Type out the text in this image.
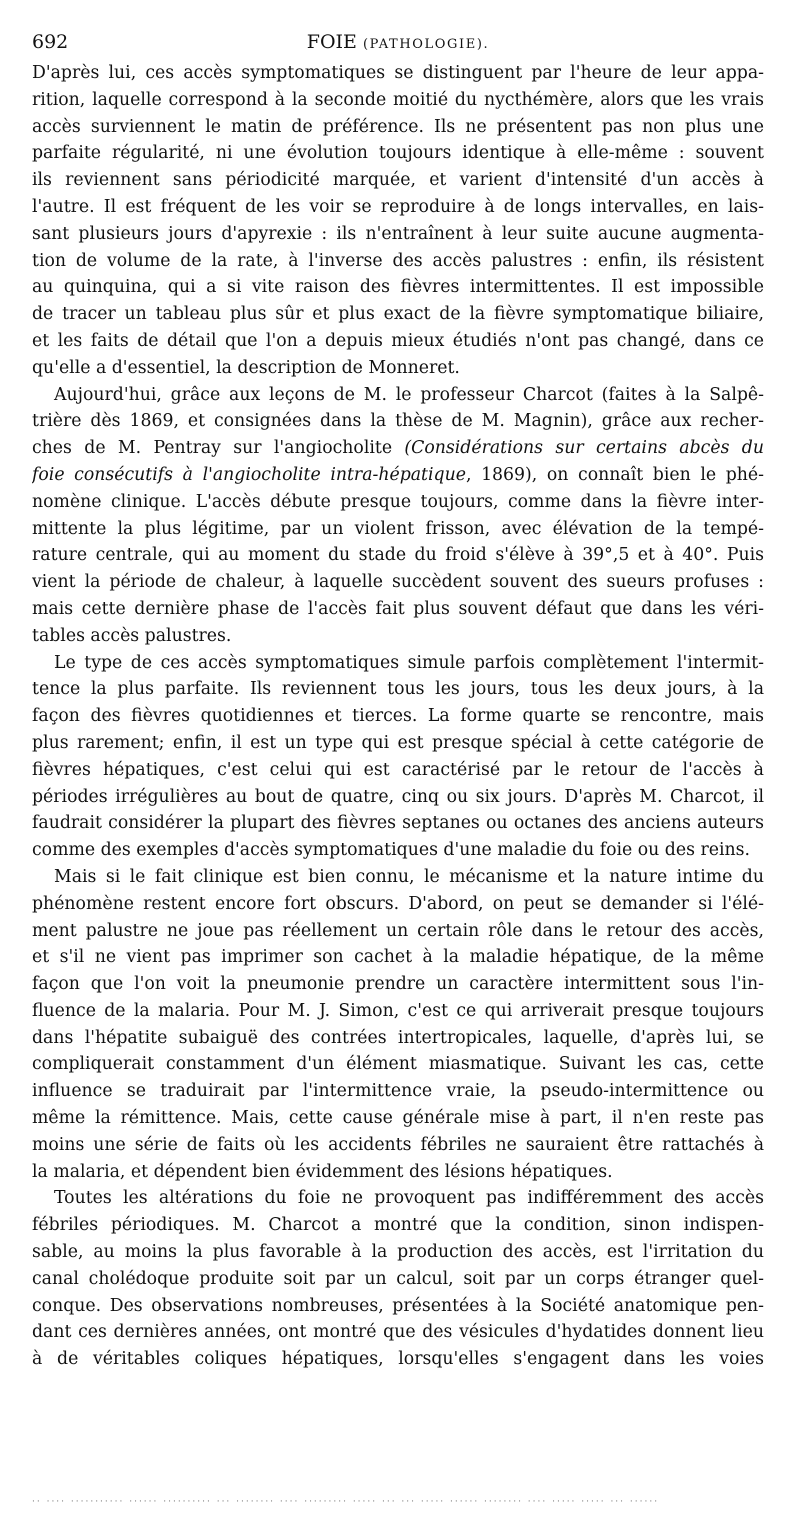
692	FOIE (PATHOLOGIE).
D'après lui, ces accès symptomatiques se distinguent par l'heure de leur appa-
rition, laquelle correspond à la seconde moitié du nycthémère, alors que les vrais
accès surviennent le matin de préférence. Ils ne présentent pas non plus une
parfaite régularité, ni une évolution toujours identique à elle-même : souvent
ils reviennent sans périodicité marquée, et varient d'intensité d'un accès à
l'autre. Il est fréquent de les voir se reproduire à de longs intervalles, en lais-
sant plusieurs jours d'apyrexie : ils n'entraînent à leur suite aucune augmenta-
tion de volume de la rate, à l'inverse des accès palustres : enfin, ils résistent
au quinquina, qui a si vite raison des fièvres intermittentes. Il est impossible
de tracer un tableau plus sûr et plus exact de la fièvre symptomatique biliaire,
et les faits de détail que l'on a depuis mieux étudiés n'ont pas changé, dans ce
qu'elle a d'essentiel, la description de Monneret.
Aujourd'hui, grâce aux leçons de M. le professeur Charcot (faites à la Salpê-
trière dès 1869, et consignées dans la thèse de M. Magnin), grâce aux recher-
ches de M. Pentray sur l'angiocholite (Considérations sur certains abcès du
foie consécutifs à l'angiocholite intra-hépatique, 1869), on connaît bien le phé-
nomène clinique. L'accès débute presque toujours, comme dans la fièvre inter-
mittente la plus légitime, par un violent frisson, avec élévation de la tempé-
rature centrale, qui au moment du stade du froid s'élève à 39°,5 et à 40°. Puis
vient la période de chaleur, à laquelle succèdent souvent des sueurs profuses :
mais cette dernière phase de l'accès fait plus souvent défaut que dans les véri-
tables accès palustres.
Le type de ces accès symptomatiques simule parfois complètement l'intermit-
tence la plus parfaite. Ils reviennent tous les jours, tous les deux jours, à la
façon des fièvres quotidiennes et tierces. La forme quarte se rencontre, mais
plus rarement; enfin, il est un type qui est presque spécial à cette catégorie de
fièvres hépatiques, c'est celui qui est caractérisé par le retour de l'accès à
périodes irrégulières au bout de quatre, cinq ou six jours. D'après M. Charcot, il
faudrait considérer la plupart des fièvres septanes ou octanes des anciens auteurs
comme des exemples d'accès symptomatiques d'une maladie du foie ou des reins.
Mais si le fait clinique est bien connu, le mécanisme et la nature intime du
phénomène restent encore fort obscurs. D'abord, on peut se demander si l'élé-
ment palustre ne joue pas réellement un certain rôle dans le retour des accès,
et s'il ne vient pas imprimer son cachet à la maladie hépatique, de la même
façon que l'on voit la pneumonie prendre un caractère intermittent sous l'in-
fluence de la malaria. Pour M. J. Simon, c'est ce qui arriverait presque toujours
dans l'hépatite subaiguë des contrées intertropicales, laquelle, d'après lui, se
compliquerait constamment d'un élément miasmatique. Suivant les cas, cette
influence se traduirait par l'intermittence vraie, la pseudo-intermittence ou
même la rémittence. Mais, cette cause générale mise à part, il n'en reste pas
moins une série de faits où les accidents fébriles ne sauraient être rattachés à
la malaria, et dépendent bien évidemment des lésions hépatiques.
Toutes les altérations du foie ne provoquent pas indifféremment des accès
fébriles périodiques. M. Charcot a montré que la condition, sinon indispen-
sable, au moins la plus favorable à la production des accès, est l'irritation du
canal cholédoque produite soit par un calcul, soit par un corps étranger quel-
conque. Des observations nombreuses, présentées à la Société anatomique pen-
dant ces dernières années, ont montré que des vésicules d'hydatides donnent lieu
à de véritables coliques hépatiques, lorsqu'elles s'engagent dans les voies
·· ···· ··········· ······ ·········· ··· ········ ···· ········· ····· ··· ··· ····· ······ ········ ···· ····· ····· ··· ······
